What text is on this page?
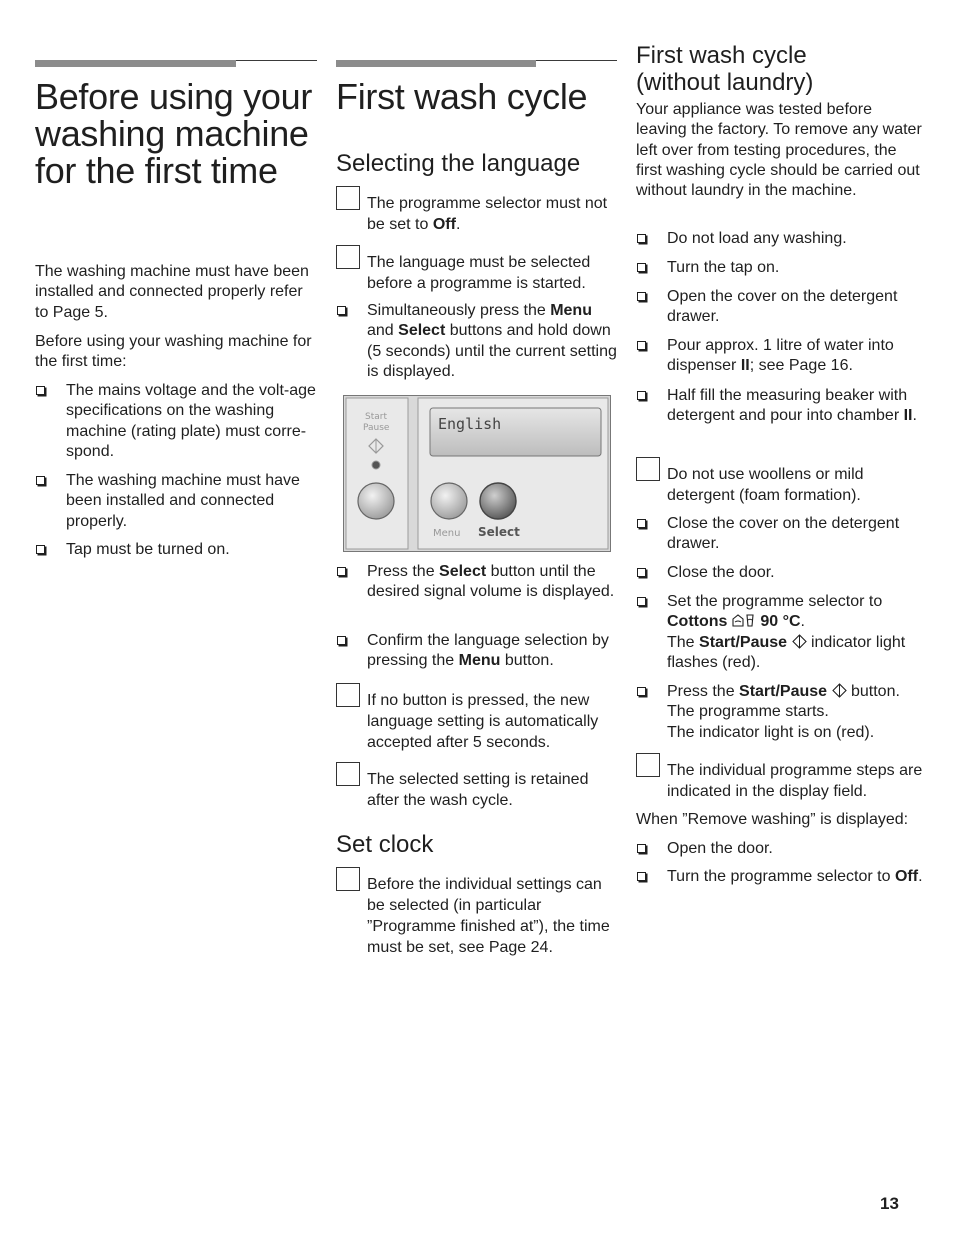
Before using your washing machine for the first time

The washing machine must have been installed and connected properly refer to Page 5.

Before using your washing machine for the first time:

The mains voltage and the volt-age specifications on the washing machine (rating plate) must corre-spond.
The washing machine must have been installed and connected properly.
Tap must be turned on.
First wash cycle
Selecting the language
The programme selector must not be set to Off.
The language must be selected before a programme is started.
Simultaneously press the Menu and Select buttons and hold down (5 seconds) until the current setting is displayed.
Start
Pause	English
Menu Select
Press the Select button until the desired signal volume is displayed.
Confirm the language selection by pressing the Menu button.
If no button is pressed, the new language setting is automatically accepted after 5 seconds.
The selected setting is retained after the wash cycle.
Set clock
Before the individual settings can be selected (in particular ”Programme finished at”), the time must be set, see Page 24.
First wash cycle
(without laundry)

Your appliance was tested before leaving the factory. To remove any water left over from testing procedures, the first washing cycle should be carried out without laundry in the machine.

Do not load any washing.
Turn the tap on.
Open the cover on the detergent drawer.
Pour approx. 1 litre of water into dispenser II; see Page 16.
Half fill the measuring beaker with detergent and pour into chamber II.
Do not use woollens or mild detergent (foam formation).
Close the cover on the detergent drawer.
Close the door.
Set the programme selector to
Cottons 90 °C.
The Start/Pause  indicator light flashes (red).
Press the Start/Pause  button.
The programme starts.
The indicator light is on (red).
The individual programme steps are indicated in the display field.

When ”Remove washing” is displayed:

Open the door.
Turn the programme selector to Off.
13
